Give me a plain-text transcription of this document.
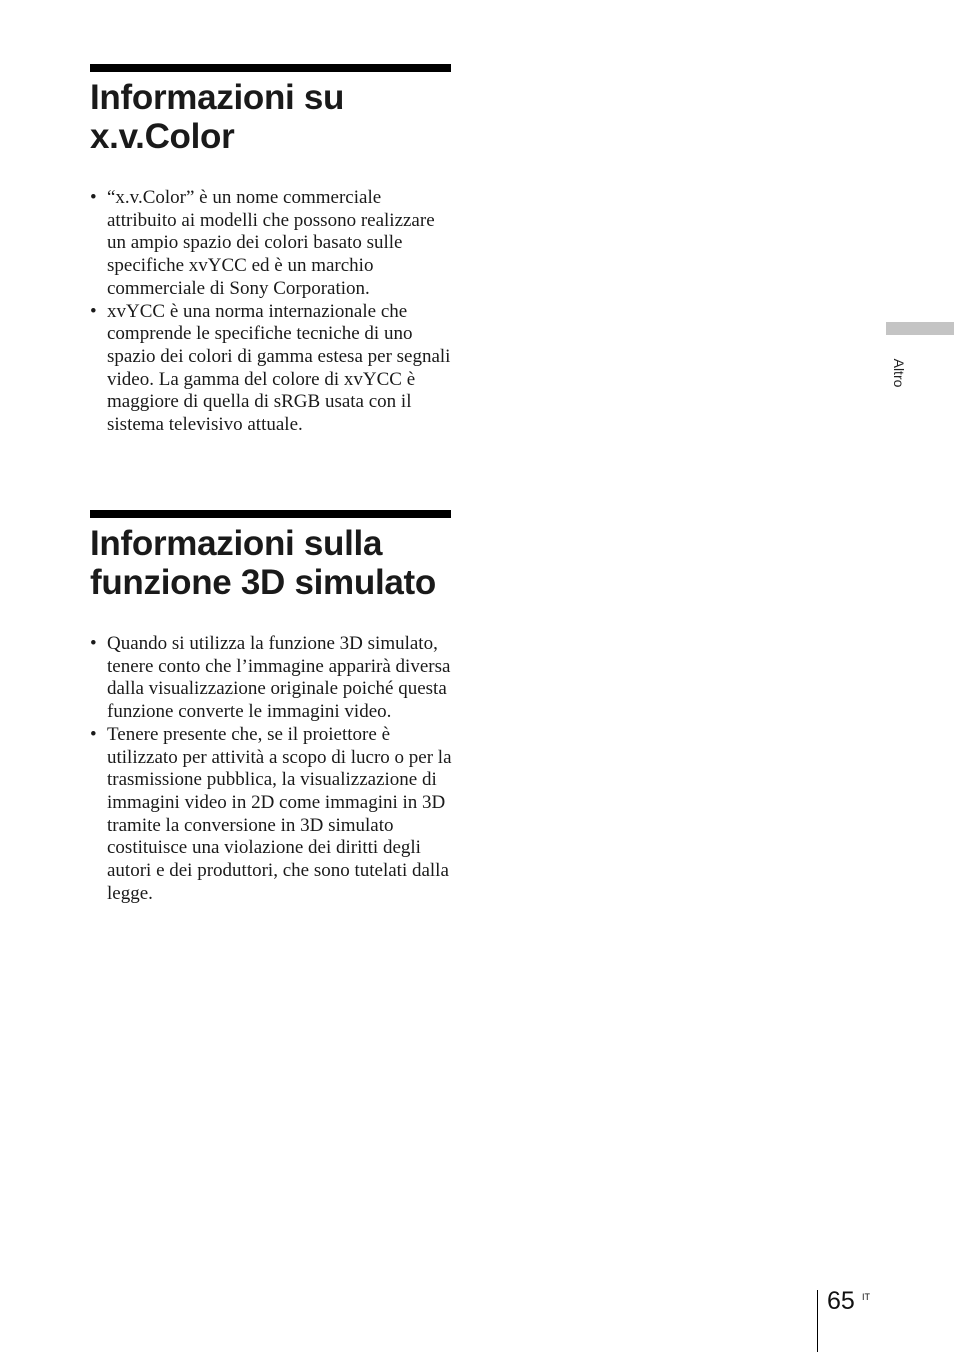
Informazioni su x.v.Color
• “x.v.Color” è un nome commerciale attribuito ai modelli che possono realizzare un ampio spazio dei colori basato sulle specifiche xvYCC ed è un marchio commerciale di Sony Corporation.
• xvYCC è una norma internazionale che comprende le specifiche tecniche di uno spazio dei colori di gamma estesa per segnali video. La gamma del colore di xvYCC è maggiore di quella di sRGB usata con il sistema televisivo attuale.
Informazioni sulla funzione 3D simulato
• Quando si utilizza la funzione 3D simulato, tenere conto che l’immagine apparirà diversa dalla visualizzazione originale poiché questa funzione converte le immagini video.
• Tenere presente che, se il proiettore è utilizzato per attività a scopo di lucro o per la trasmissione pubblica, la visualizzazione di immagini video in 2D come immagini in 3D tramite la conversione in 3D simulato costituisce una violazione dei diritti degli autori e dei produttori, che sono tutelati dalla legge.
Altro
65 IT
